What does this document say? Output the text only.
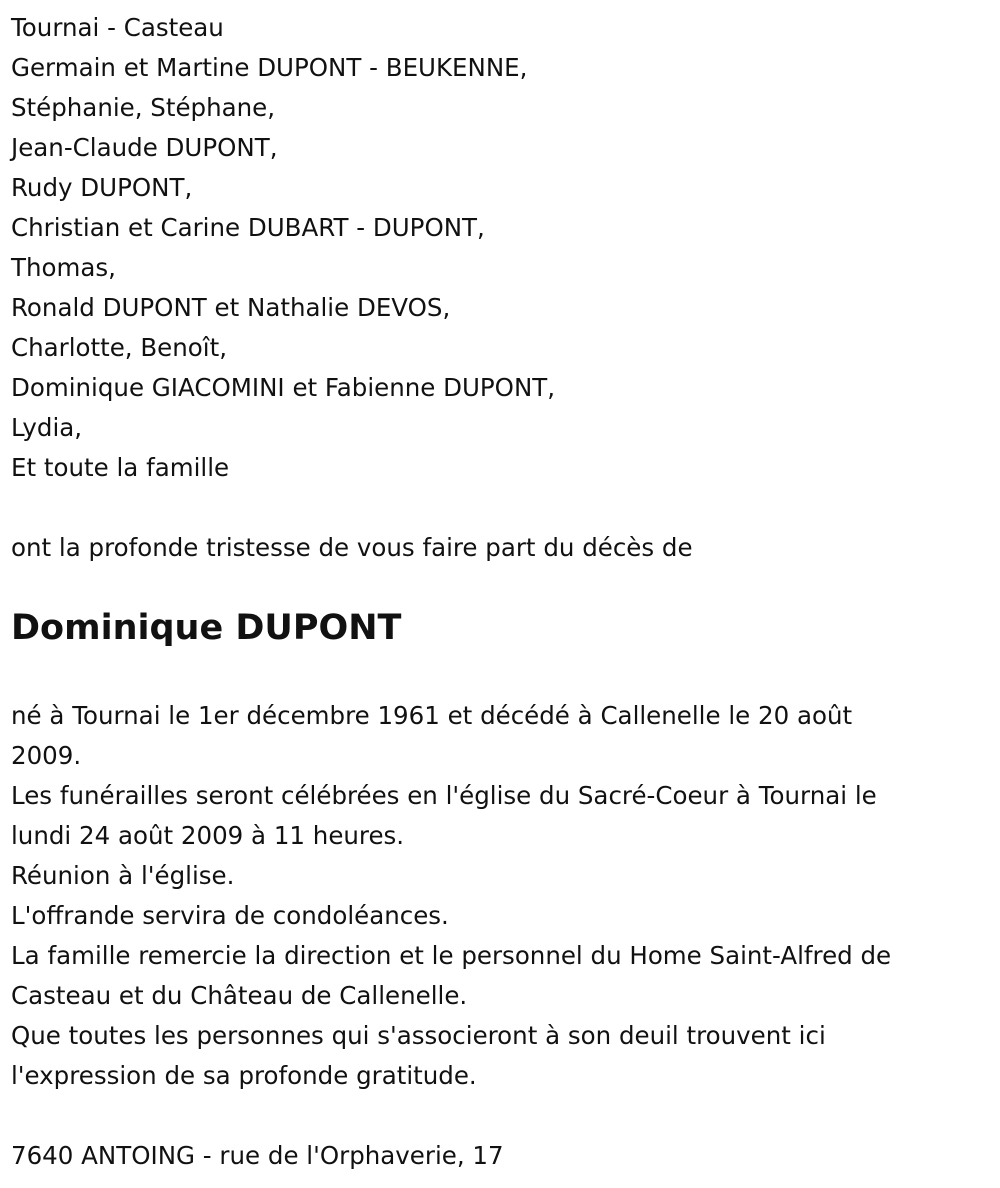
Tournai - Casteau
Germain et Martine DUPONT - BEUKENNE,
Stéphanie, Stéphane,
Jean-Claude DUPONT,
Rudy DUPONT,
Christian et Carine DUBART - DUPONT,
Thomas,
Ronald DUPONT et Nathalie DEVOS,
Charlotte, Benoît,
Dominique GIACOMINI et Fabienne DUPONT,
Lydia,
Et toute la famille
ont la profonde tristesse de vous faire part du décès de
Dominique DUPONT
né à Tournai le 1er décembre 1961 et décédé à Callenelle le 20 août
2009.
Les funérailles seront célébrées en l'église du Sacré-Coeur à Tournai le
lundi 24 août 2009 à 11 heures.
Réunion à l'église.
L'offrande servira de condoléances.
La famille remercie la direction et le personnel du Home Saint-Alfred de
Casteau et du Château de Callenelle.
Que toutes les personnes qui s'associeront à son deuil trouvent ici
l'expression de sa profonde gratitude.
7640 ANTOING - rue de l'Orphaverie, 17
